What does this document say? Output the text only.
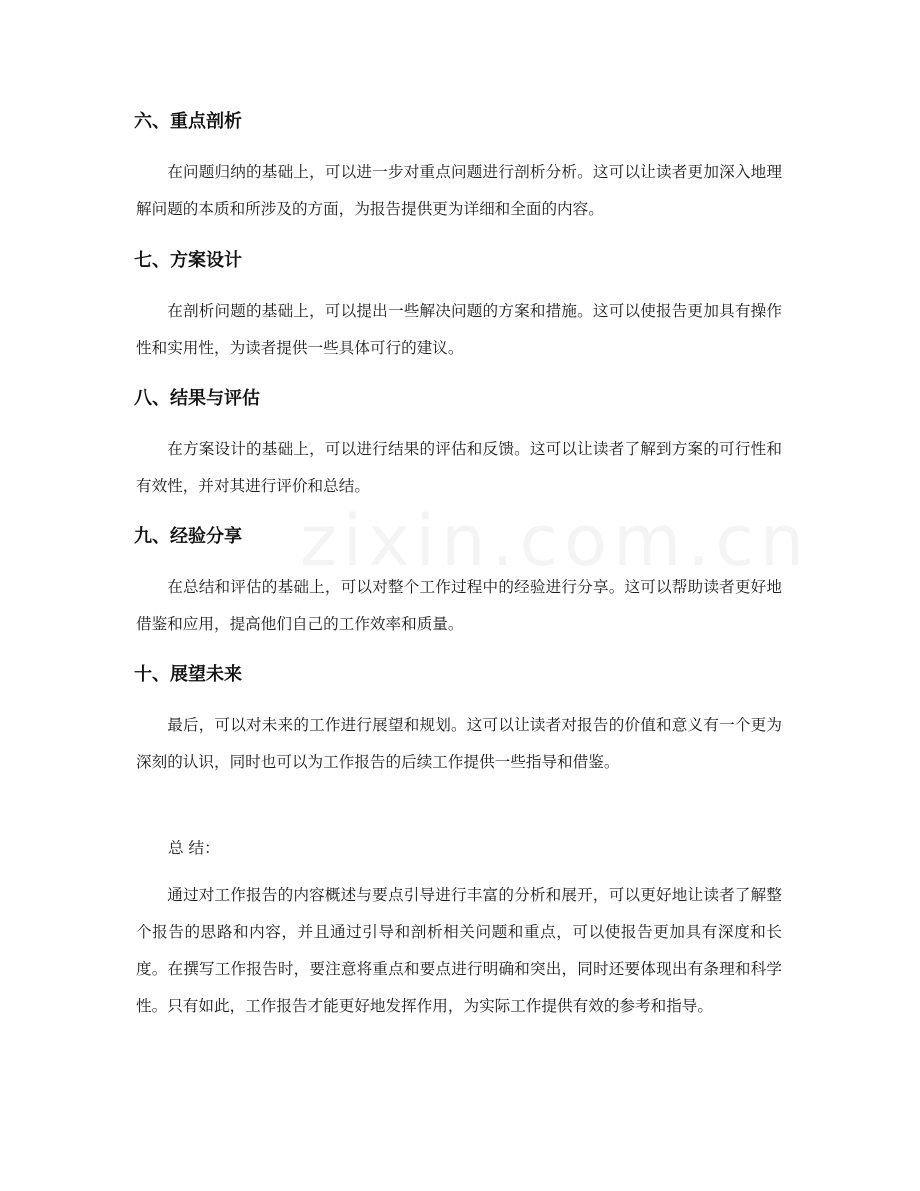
六、重点剖析

在问题归纳的基础上，可以进一步对重点问题进行剖析分析。这可以让读者更加深入地理解问题的本质和所涉及的方面，为报告提供更为详细和全面的内容。

七、方案设计

在剖析问题的基础上，可以提出一些解决问题的方案和措施。这可以使报告更加具有操作性和实用性，为读者提供一些具体可行的建议。

八、结果与评估

在方案设计的基础上，可以进行结果的评估和反馈。这可以让读者了解到方案的可行性和有效性，并对其进行评价和总结。

九、经验分享

在总结和评估的基础上，可以对整个工作过程中的经验进行分享。这可以帮助读者更好地借鉴和应用，提高他们自己的工作效率和质量。

十、展望未来

最后，可以对未来的工作进行展望和规划。这可以让读者对报告的价值和意义有一个更为深刻的认识，同时也可以为工作报告的后续工作提供一些指导和借鉴。

总 结：

通过对工作报告的内容概述与要点引导进行丰富的分析和展开，可以更好地让读者了解整个报告的思路和内容，并且通过引导和剖析相关问题和重点，可以使报告更加具有深度和长度。在撰写工作报告时，要注意将重点和要点进行明确和突出，同时还要体现出有条理和科学性。只有如此，工作报告才能更好地发挥作用，为实际工作提供有效的参考和指导。
